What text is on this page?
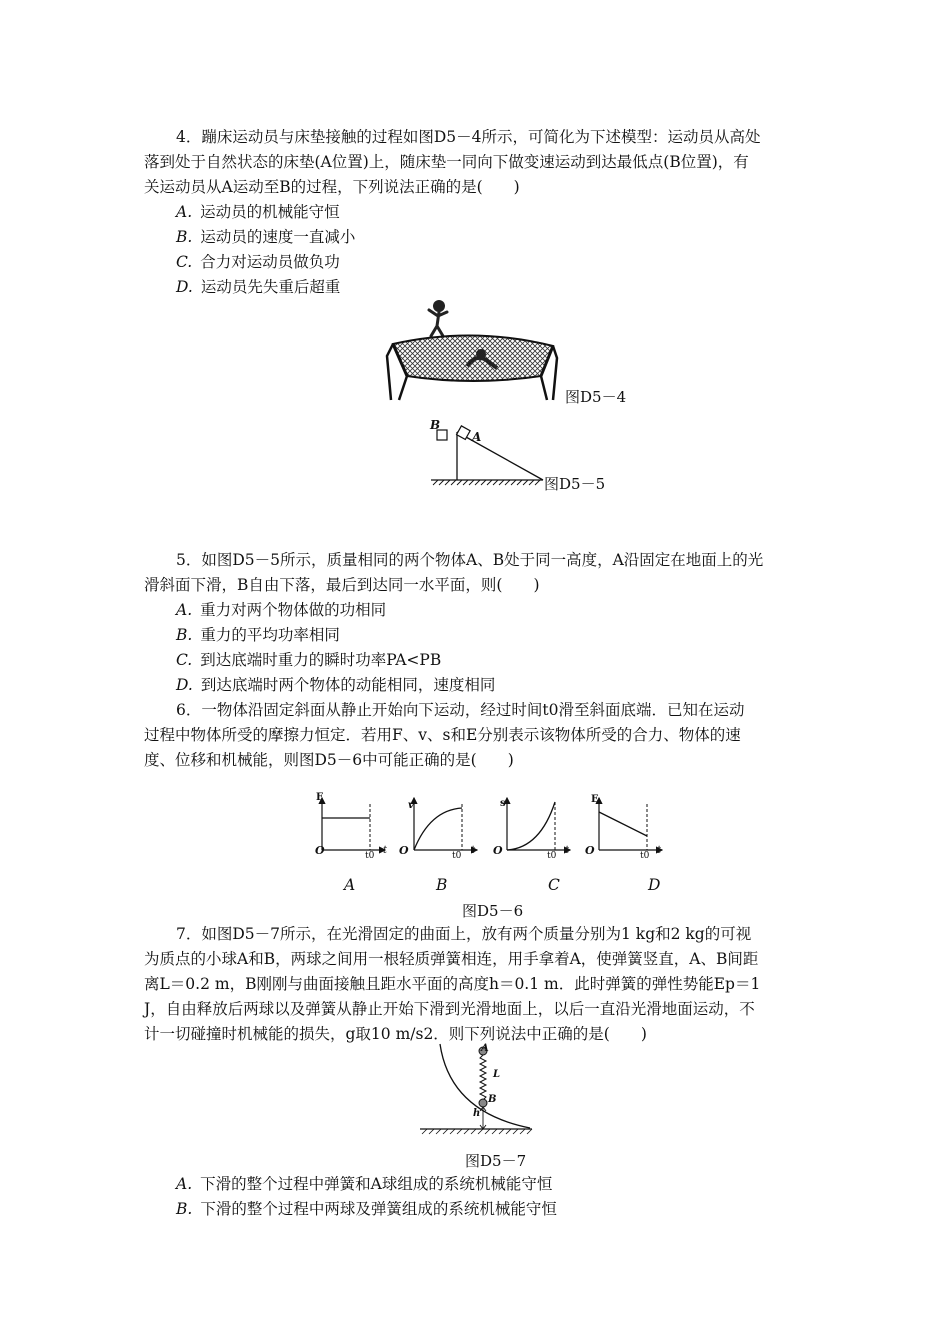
4．蹦床运动员与床垫接触的过程如图D5－4所示，可简化为下述模型：运动员从高处
落到处于自然状态的床垫(A位置)上，随床垫一同向下做变速运动到达最低点(B位置)，有
关运动员从A运动至B的过程，下列说法正确的是(　　)
A. 运动员的机械能守恒
B. 运动员的速度一直减小
C. 合力对运动员做负功
D. 运动员先失重后超重
图D5－4
B
A
图D5－5
5．如图D5－5所示，质量相同的两个物体A、B处于同一高度，A沿固定在地面上的光
滑斜面下滑，B自由下落，最后到达同一水平面，则(　　)
A. 重力对两个物体做的功相同
B. 重力的平均功率相同
C. 到达底端时重力的瞬时功率PA<PB
D. 到达底端时两个物体的动能相同，速度相同
6．一物体沿固定斜面从静止开始向下运动，经过时间t0滑至斜面底端．已知在运动
过程中物体所受的摩擦力恒定．若用F、v、s和E分别表示该物体所受的合力、物体的速
度、位移和机械能，则图D5－6中可能正确的是(　　)
F
O	t
t0
v
O	t
t0
s
O	t
t0
E
O	t
t0
A	B	C	D
图D5－6
7．如图D5－7所示，在光滑固定的曲面上，放有两个质量分别为1 kg和2 kg的可视
为质点的小球A和B，两球之间用一根轻质弹簧相连，用手拿着A，使弹簧竖直，A、B间距
离L＝0.2 m，B刚刚与曲面接触且距水平面的高度h＝0.1 m．此时弹簧的弹性势能Ep＝1
J，自由释放后两球以及弹簧从静止开始下滑到光滑地面上，以后一直沿光滑地面运动，不
计一切碰撞时机械能的损失，g取10 m/s2．则下列说法中正确的是(　　)
A
L
B
h
图D5－7
A. 下滑的整个过程中弹簧和A球组成的系统机械能守恒
B. 下滑的整个过程中两球及弹簧组成的系统机械能守恒
